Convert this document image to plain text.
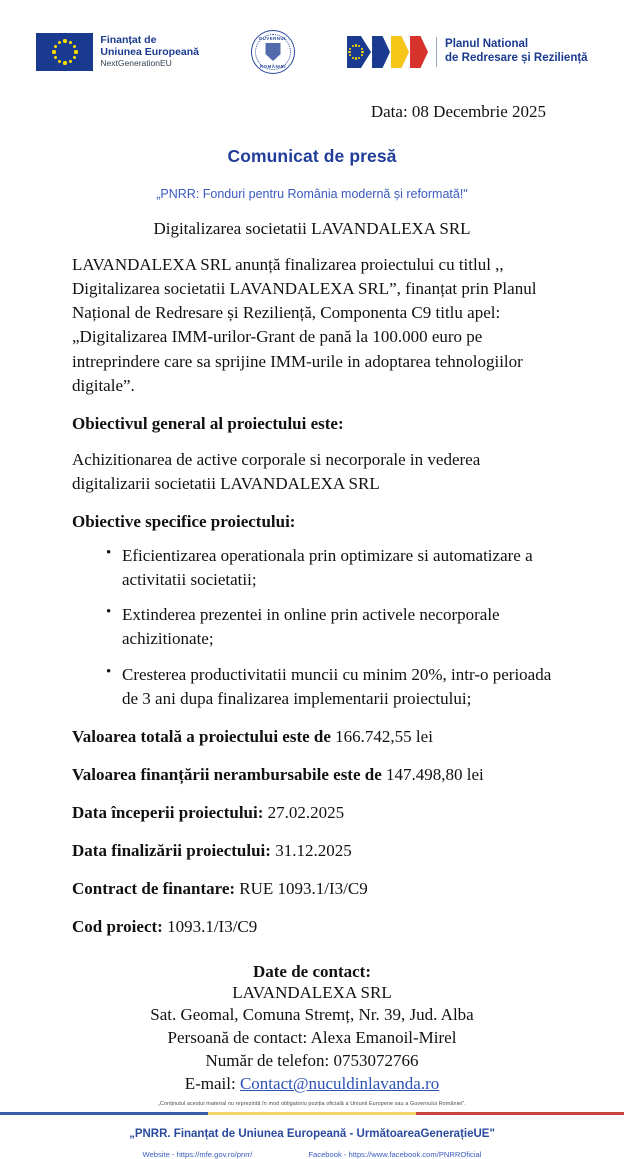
Finanțat de
Uniunea Europeană
NextGenerationEU
GUVERNUL
ROMÂNIEI
Planul National
de Redresare și Reziliență
Data: 08 Decembrie 2025
Comunicat de presă
„PNRR: Fonduri pentru România modernă și reformată!"
Digitalizarea societatii LAVANDALEXA SRL

LAVANDALEXA SRL anunță finalizarea proiectului cu titlul ,, Digitalizarea societatii LAVANDALEXA SRL”, finanțat prin Planul Național de Redresare și Reziliență, Componenta C9 titlu apel: „Digitalizarea IMM-urilor-Grant de pană la 100.000 euro pe intreprindere care sa sprijine IMM-urile in adoptarea tehnologiilor digitale”.

Obiectivul general al proiectului este:

Achizitionarea de active corporale si necorporale in vederea digitalizarii societatii LAVANDALEXA SRL

Obiective specifice proiectului:
• Eficientizarea operationala prin optimizare si automatizare a activitatii societatii;
• Extinderea prezentei in online prin activele necorporale achizitionate;
• Cresterea productivitatii muncii cu minim 20%, intr-o perioada de 3 ani dupa finalizarea implementarii proiectului;
Valoarea totală a proiectului este de 166.742,55 lei
Valoarea finanțării nerambursabile este de 147.498,80 lei
Data începerii proiectului: 27.02.2025
Data finalizării proiectului: 31.12.2025
Contract de finantare: RUE 1093.1/I3/C9
Cod proiect: 1093.1/I3/C9
Date de contact:
LAVANDALEXA SRL
Sat. Geomal, Comuna Stremț, Nr. 39, Jud. Alba
Persoană de contact: Alexa Emanoil-Mirel
Număr de telefon: 0753072766
E-mail: Contact@nuculdinlavanda.ro
„Conținutul acestui material nu reprezintă în mod obligatoriu poziția oficială a Uniunii Europene sau a Guvernului României".
„PNRR. Finanțat de Uniunea Europeană - UrmătoareaGenerațieUE"
Website - https://mfe.gov.ro/pnrr/	Facebook - https://www.facebook.com/PNRROficial
